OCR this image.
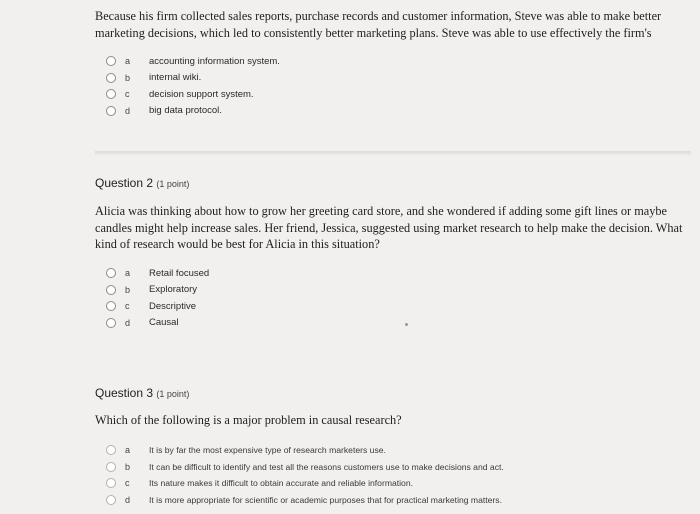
Because his firm collected sales reports, purchase records and customer information, Steve was able to make better marketing decisions, which led to consistently better marketing plans. Steve was able to use effectively the firm's
a	accounting information system.
b	internal wiki.
c	decision support system.
d	big data protocol.
Question 2 (1 point)
Alicia was thinking about how to grow her greeting card store, and she wondered if adding some gift lines or maybe candles might help increase sales. Her friend, Jessica, suggested using market research to help make the decision. What kind of research would be best for Alicia in this situation?
a	Retail focused
b	Exploratory
c	Descriptive
d	Causal
Question 3 (1 point)
Which of the following is a major problem in causal research?
a	It is by far the most expensive type of research marketers use.
b	It can be difficult to identify and test all the reasons customers use to make decisions and act.
c	Its nature makes it difficult to obtain accurate and reliable information.
d	It is more appropriate for scientific or academic purposes that for practical marketing matters.
